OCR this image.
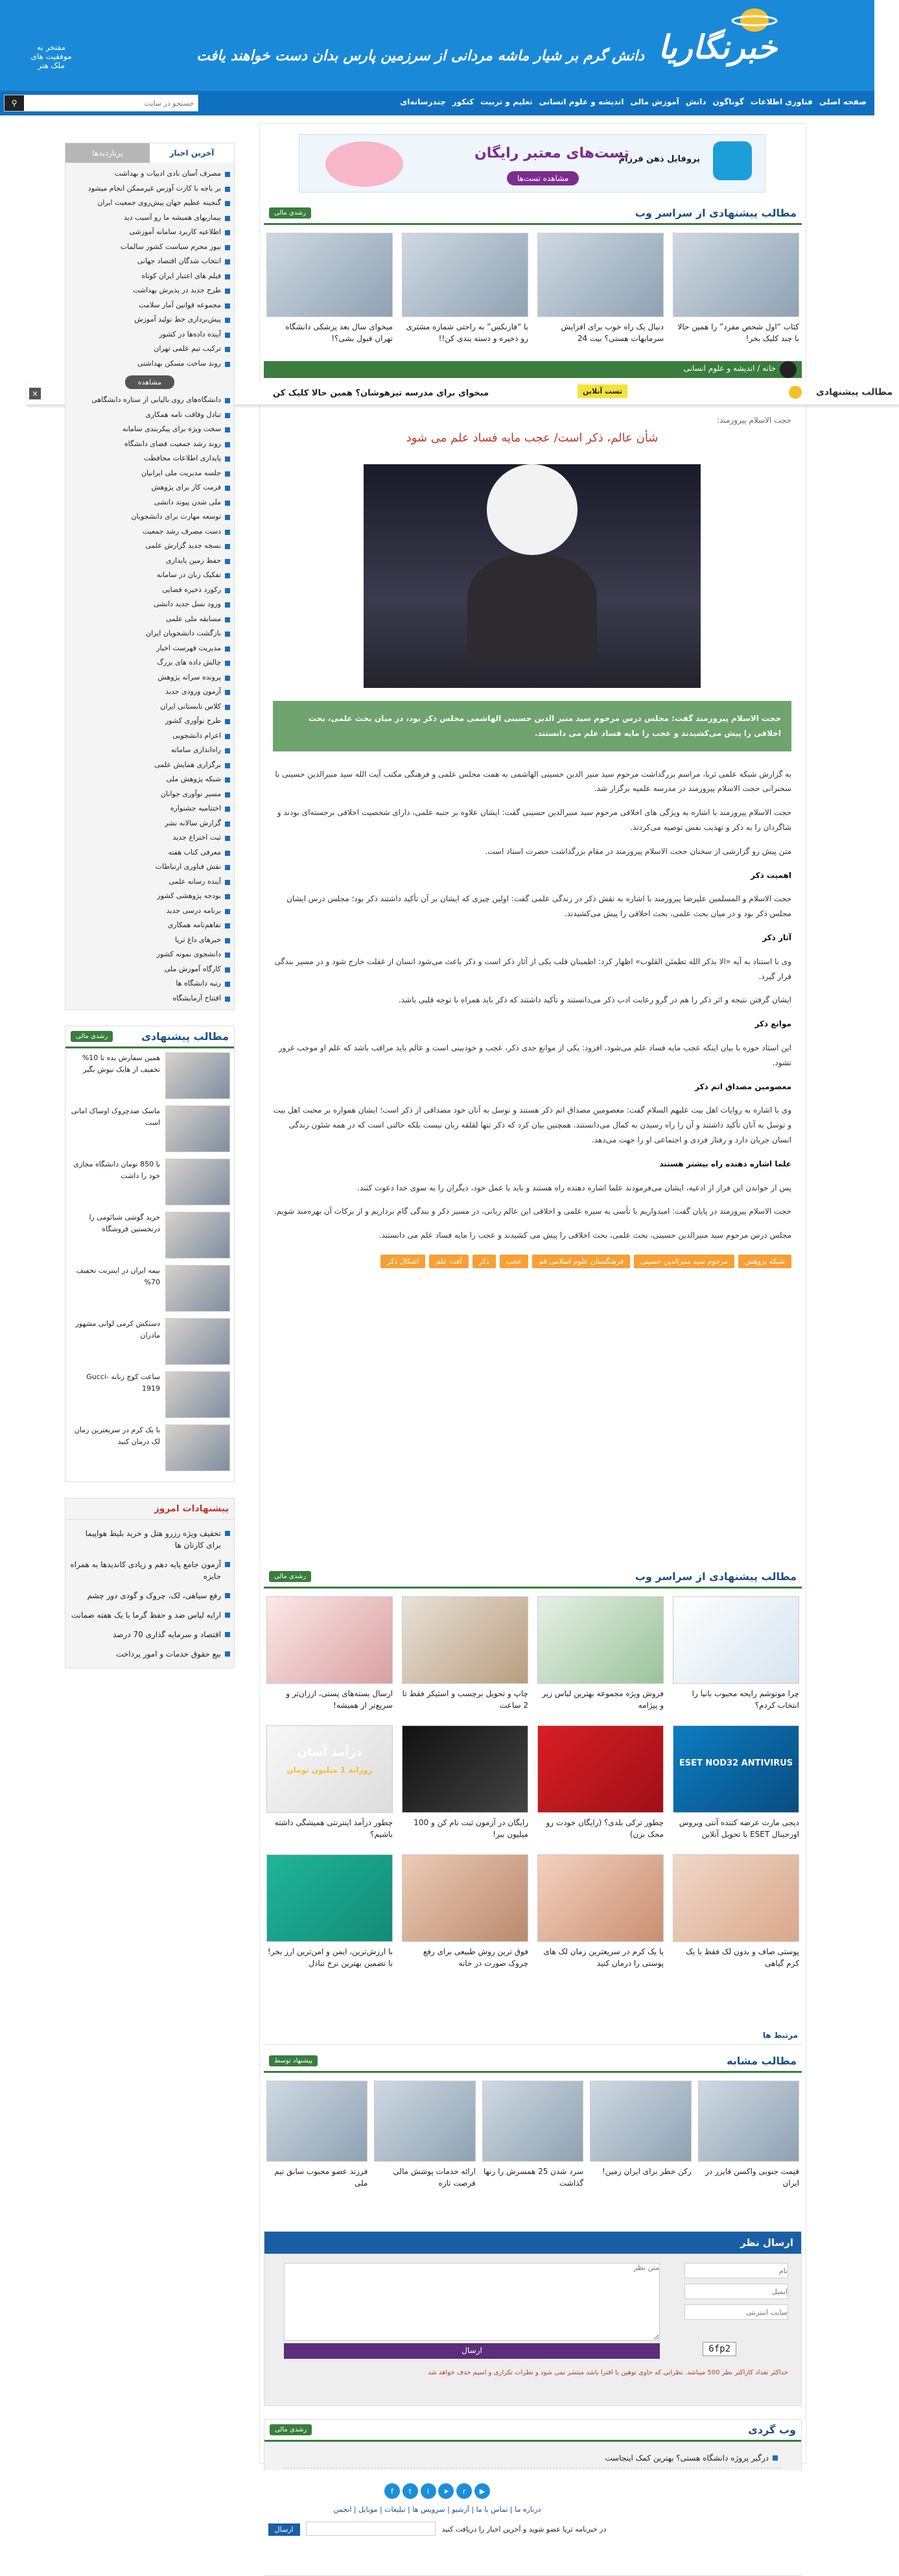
خبرنگاریا
دانش گرم بر شیار ماشه مردانی از سرزمین پارس بدان دست خواهند یافت
مفتخر به موفقیت های ملک هنر
صفحه اصلی
فناوری اطلاعات
گوناگون
دانش
آموزش مالی
اندیشه و علوم انسانی
تعلیم و تربیت
کنکور
چندرسانه‌ای
⚲
جستجو در سایت
پروفایل ذهن فرزام
تست‌های معتبر رایگان
مشاهده تست‌ها
مطالب پیشنهادی از سراسر وب
رشدی مالی
کتاب “اول شخص مفرد” را همین حالا با چند کلیک بخر!
دنبال یک راه خوب برای افزایش سرمایهات هستی؟ بیت 24
با “فارنکس” به راحتی شماره مشتری رو ذخیره و دسته بندی کن!!
میخوای سال بعد پزشکی دانشگاه تهران قبول بشی؟!
خانه / اندیشه و علوم انسانی
مطالب پیشنهادی
میخوای برای مدرسه تیزهوشان؟ همین حالا کلیک کن	تست آنلاین
×
حجت الاسلام پیروزمند:
شأن عالم، ذکر است/ عجب مایه فساد علم می شود
حجت الاسلام پیروزمند گفت: مجلس درس مرحوم سید منیر الدین حسینی الهاشمی مجلس ذکر بود، در میان بحث علمی، بحث اخلاقی را پیش می‌کشیدند و عجب را مایه فساد علم می دانستند.

به گزارش شبکه علمی ثریا، مراسم بزرگداشت مرحوم سید منیر الدین حسینی الهاشمی به همت مجلس علمی و فرهنگی مکتب آیت الله سید منیرالدین حسینی با سخنرانی حجت الاسلام پیروزمند در مدرسه علمیه برگزار شد.

حجت الاسلام پیروزمند با اشاره به ویژگی های اخلاقی مرحوم سید منیرالدین حسینی گفت: ایشان علاوه بر جنبه علمی، دارای شخصیت اخلاقی برجسته‌ای بودند و شاگردان را به ذکر و تهذیب نفس توصیه می‌کردند.

متن پیش رو گزارشی از سخنان حجت الاسلام پیروزمند در مقام بزرگداشت حضرت استاد است.

اهمیت ذکر

حجت الاسلام و المسلمین علیرضا پیروزمند با اشاره به نقش ذکر در زندگی علمی گفت: اولین چیزی که ایشان بر آن تأکید داشتند ذکر بود؛ مجلس درس ایشان مجلس ذکر بود و در میان بحث علمی، بحث اخلاقی را پیش می‌کشیدند.

آثار ذکر

وی با استناد به آیه «الا بذکر الله تطمئن القلوب» اظهار کرد: اطمینان قلب یکی از آثار ذکر است و ذکر باعث می‌شود انسان از غفلت خارج شود و در مسیر بندگی قرار گیرد.

ایشان گرفتن نتیجه و اثر ذکر را هم در گرو رعایت ادب ذکر می‌دانستند و تأکید داشتند که ذکر باید همراه با توجه قلبی باشد.

موانع ذکر

این استاد حوزه با بیان اینکه عجب مایه فساد علم می‌شود، افزود: یکی از موانع جدی ذکر، عجب و خودبینی است و عالم باید مراقب باشد که علم او موجب غرور نشود.

معصومین مصداق اتم ذکر

وی با اشاره به روایات اهل بیت علیهم السلام گفت: معصومین مصداق اتم ذکر هستند و توسل به آنان خود مصداقی از ذکر است؛ ایشان همواره بر محبت اهل بیت و توسل به آنان تأکید داشتند و آن را راه رسیدن به کمال می‌دانستند. همچنین بیان کرد که ذکر تنها لقلقه زبان نیست بلکه حالتی است که در همه شئون زندگی انسان جریان دارد و رفتار فردی و اجتماعی او را جهت می‌دهد.

علما اشاره دهنده راه بیشتر هستند

پس از خواندن این فراز از ادعیه، ایشان می‌فرمودند علما اشاره دهنده راه هستند و باید با عمل خود، دیگران را به سوی خدا دعوت کنند.

حجت الاسلام پیروزمند در پایان گفت: امیدواریم با تأسی به سیره علمی و اخلاقی این عالم ربانی، در مسیر ذکر و بندگی گام برداریم و از برکات آن بهره‌مند شویم.

مجلس درس مرحوم سید منیرالدین حسینی، بحث علمی، بحث اخلاقی را پیش می کشیدند و عجب را مایه فساد علم می دانستند.

شبکه پژوهشمرحوم سید منیرالدین حسینیفرهنگستان علوم اسلامی قمعجبذکرآفت علماشکال ذکر
مطالب پیشنهادی از سراسر وب
رشدی مالی
چرا موتوشم رایحه محبوب بانیا را انتخاب کردم؟
فروش ویژه مجموعه بهترین لباس زیر و پیژامه
چاپ و تحویل برچسب و استیکر فقط تا 2 ساعت
ارسال بسته‌های پستی، ارزان‌تر و سریع‌تر از همیشه!
ESET NOD32 ANTIVIRUS
دیجی مارت عرضه کننده آنتی ویروس اورجینال ESET با تحویل آنلاین
چطور ترکی بلدی؟ (رایگان خودت رو محک بزن)
رایگان در آزمون ثبت نام کن و 100 میلیون ببر!
درآمد آسان
روزانه 1 میلیون تومان
چطور درآمد اینترنتی همیشگی داشته باشیم؟
پوستی صاف و بدون لک فقط با یک کرم گیاهی
یا یک کرم در سریعترین زمان لک های پوستی را درمان کنید
فوق ترین روش طبیعی برای رفع چروک صورت در خانه
با ارزش‌ترین، ایمن و امن‌ترین ارز بخر! با تضمین بهترین نرخ تبادل
مرتبط ها
مطالب مشابه
پیشنهاد توسط
قیمت جنوبی واکسن فایزر در ایران
رکن خطر برای ایران زمین!
سرد شدن 25 همسرش را رنها گذاشت
ارائه خدمات پوشش مالی فرصت تازه
فرزند عضو محبوب سابق تیم ملی
ارسال نظر
نام ایمیل سایت اینترنتی
متن نظر
ارسال	6fp2
حداکثر تعداد کاراکتر نظر 500 میباشد. نظراتی که حاوی توهین یا افترا باشد منتشر نمی شود و نظرات تکراری و اسپم حذف خواهد شد
وب گردی
رشدی مالی
درگیر پروژه دانشگاه هستی؟ بهترین کمک اینجاست
آخرین اخبار
پربازدیدها
مصرف آسان نادی ادبیات و بهداشت
بر باجه با کارت آوزس غیرممکن انجام میشود
گنجینه عظیم جهان پیش‌روی جمعیت ایران
بیماریهای همیشه ما رو آسیب دید
اطلاعیه کاربرد سامانه آموزشی
نیوز محرم سیاست کشور سالمات
انتخاب شدگان اقتصاد جهانی
فیلم های اعتبار ایران کوتاه
طرح جدید در پذیرش بهداشت
مجموعه قوانین آمار سلامت
پیش‌برداری خط تولید آموزش
آینده داده‌ها در کشور
ترکیب تیم علمی تهران
روند ساخت مسکن بهداشتی
مشاهده
دانشگاه‌های روی بالیابی از ستاره دانشگاهی
تبادل وفاقت نامه همکاری
سخت ویژه برای پیکربندی سامانه
روند رشد جمعیت فضای دانشگاه
پایداری اطلاعات محافظت
جلسه مدیریت ملی ایرانیان
فرمت کار برای پژوهش
ملی شدن پیوند دانشی
توسعه مهارت برای دانشجویان
دست مصرف رشد جمعیت
نسخه جدید گزارش علمی
حفظ زمین پایداری
تفکیک زبان در سامانه
رکورد ذخیره فضایی
ورود نسل جدید دانشی
مسابقه ملی علمی
بازگشت دانشجویان ایران
مدیریت فهرست اخبار
چالش داده های بزرگ
پرونده سرانه پژوهش
آزمون ورودی جدید
کلاس تابستانی ایران
طرح نوآوری کشور
اعزام دانشجویی
راه‌اندازی سامانه
برگزاری همایش علمی
شبکه پژوهش ملی
مسیر نوآوری جوانان
اختتامیه جشنواره
گزارش سالانه نشر
ثبت اختراع جدید
معرفی کتاب هفته
نقش فناوری ارتباطات
آینده رسانه علمی
بودجه پژوهشی کشور
برنامه درسی جدید
تفاهم‌نامه همکاری
خبرهای داغ ثریا
دانشجوی نمونه کشور
کارگاه آموزش ملی
رتبه دانشگاه ها
افتتاح آزمایشگاه
مطالب پیشنهادی
رشدی مالی
همین سفارش بده تا 10% تخفیف از هایک نیوش بگیر
ماسک ضدچروک اوساک امانی است
با 850 تومان دانشگاه مجازی خود را داشت
خرید گوشی شیائومی را درنخستین فروشگاه
بیمه ایران در اینترنت تخفیف 70%
دستکش کرمی لوانی مشهور مادران
ساعت کوچ زنانه Gucci-1919
با یک کرم در سریعترین زمان لک درمان کنید
پیشنهادات امروز
تخفیف ویژه رزرو هتل و خرید بلیط هواپیما برای کارتان ها
آزمون جامع پایه دهم و زیادی کاندیدها به همراه جایزه
رفع سیاهی، لک، چروک و گودی دور چشم
ارایه لباس ضد و حفظ گرما با یک هفته ضمانت
اقتصاد و سرمایه گذاری 70 درصد
بیع حقوق خدمات و امور پرداخت
f t i ➤ r ▶
درباره ما | تماس با ما | آرشیو | سرویس ها | تبلیغات | موبایل | انجمن
در خبرنامه ثریا عضو شوید و آخرین اخبار را دریافت کنید  ارسال
